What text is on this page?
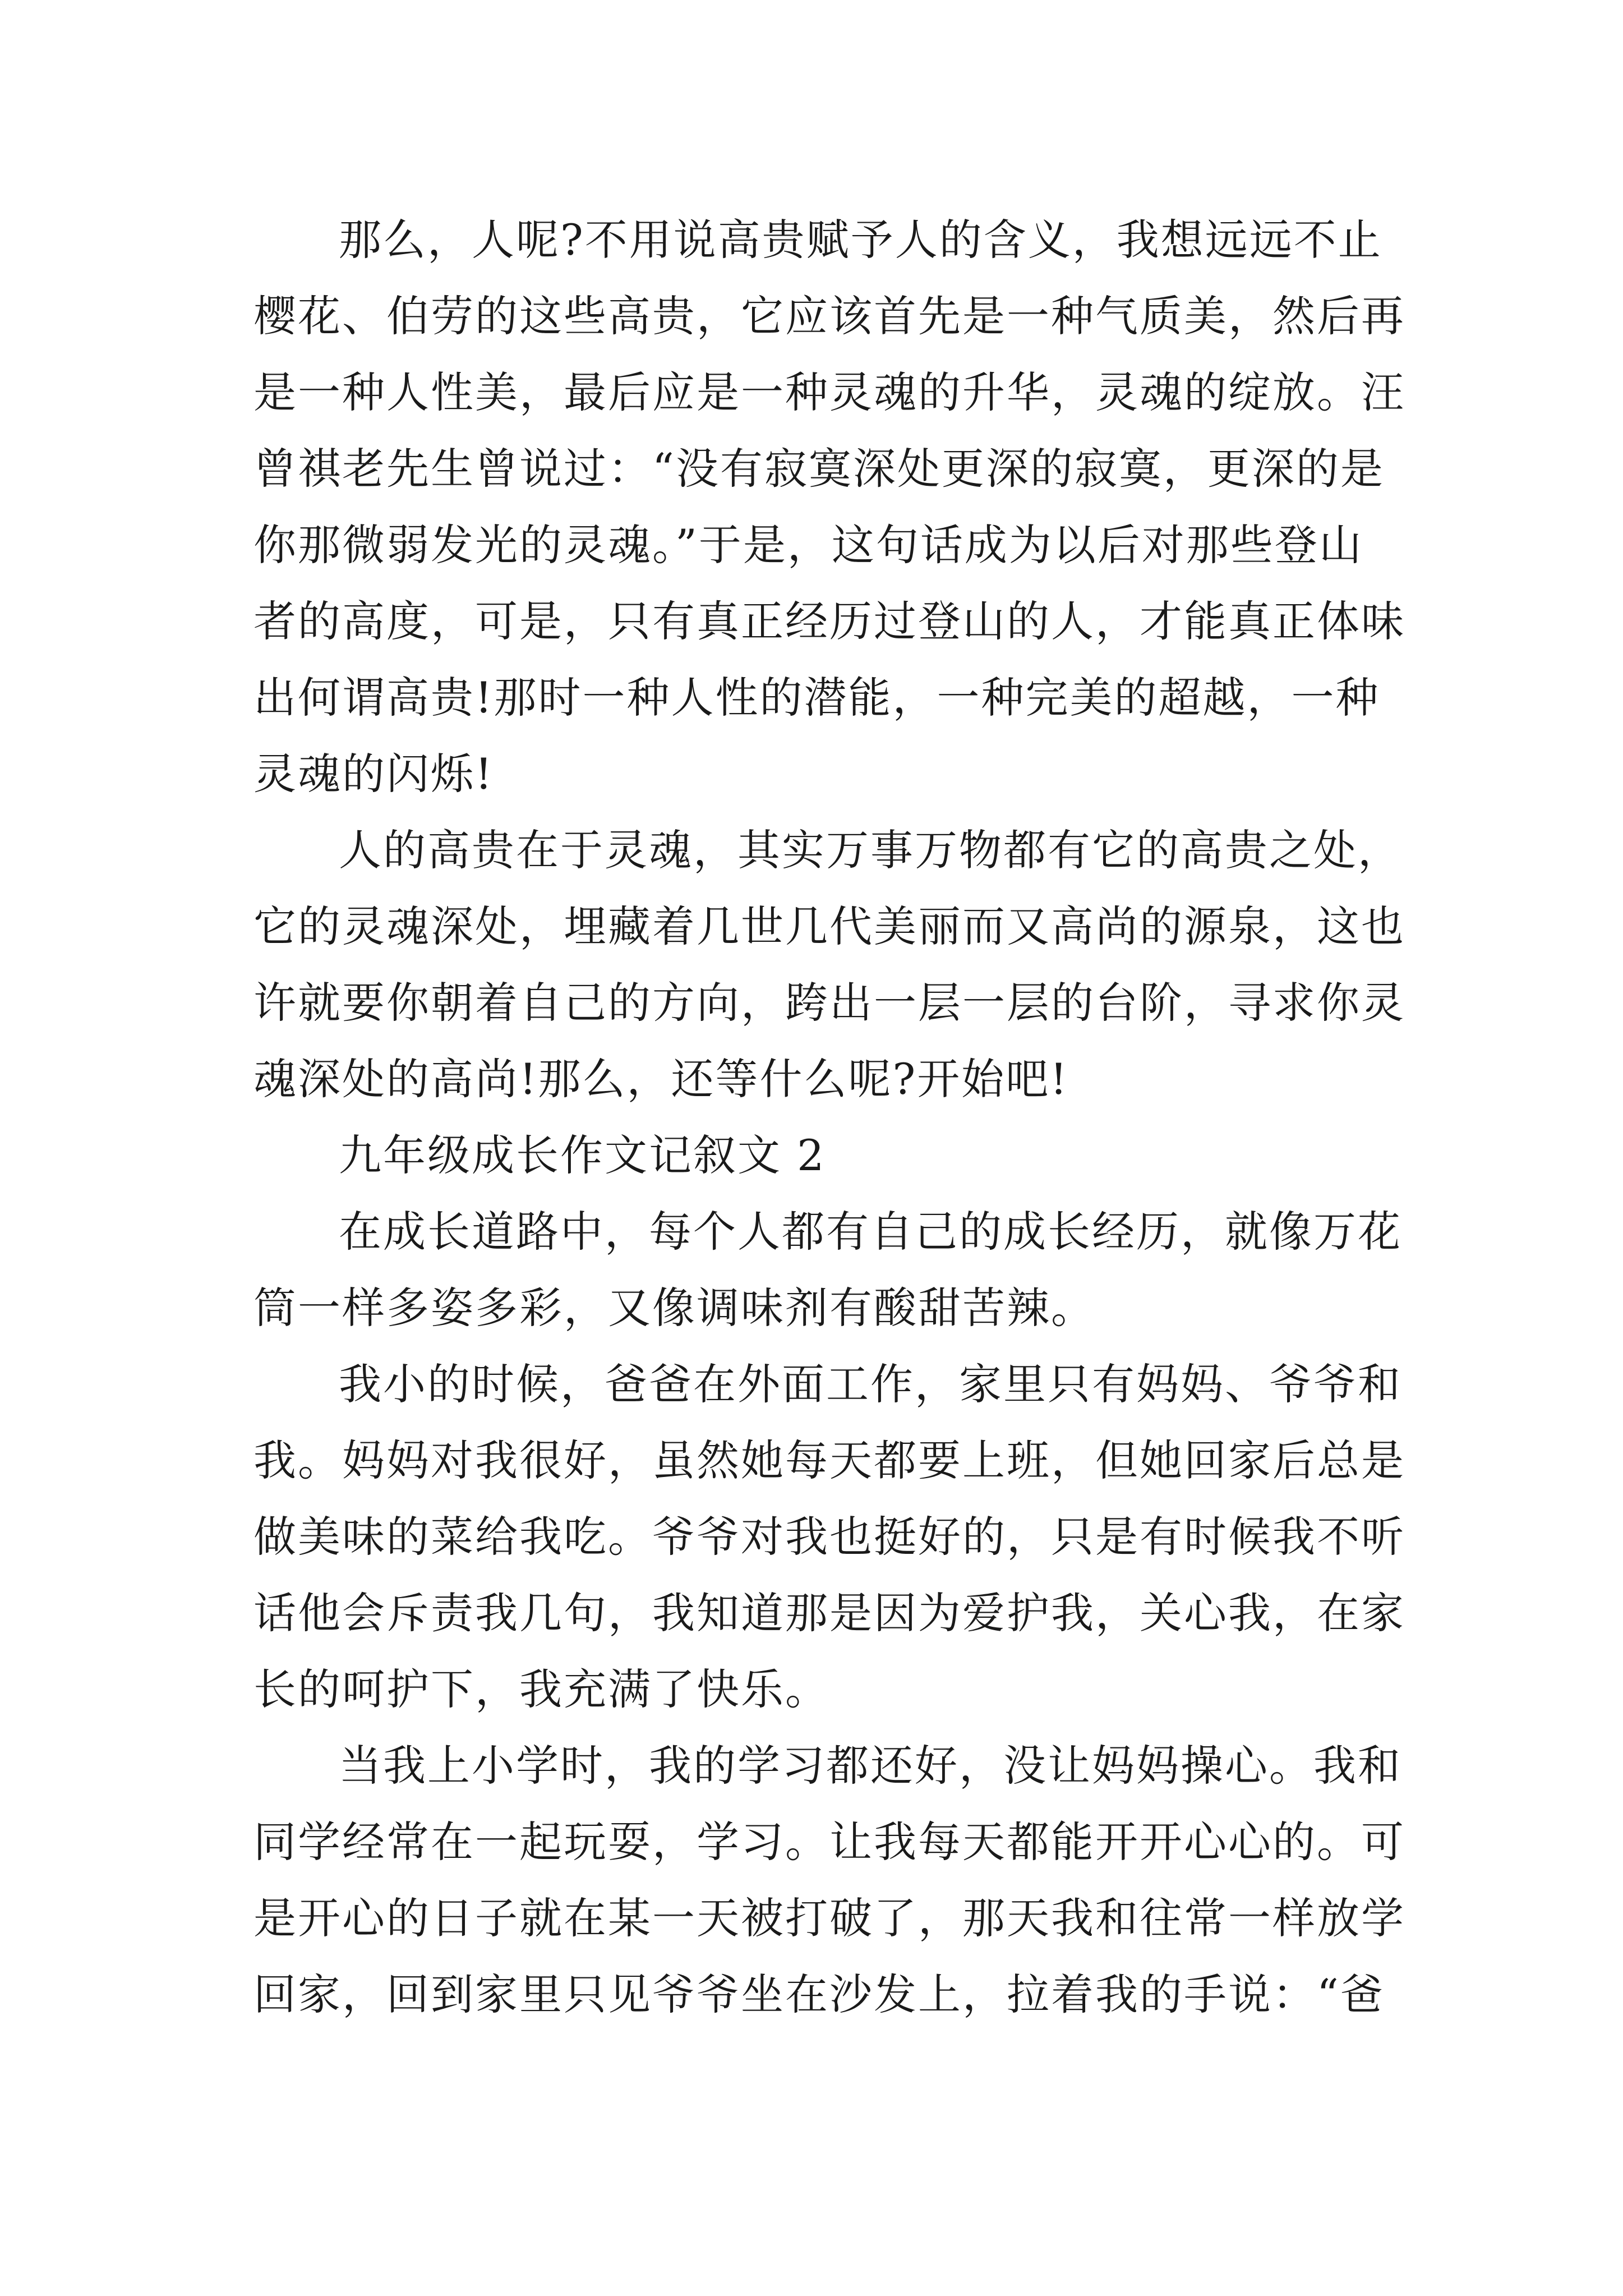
那么，人呢?不用说高贵赋予人的含义，我想远远不止
樱花、伯劳的这些高贵，它应该首先是一种气质美，然后再
是一种人性美，最后应是一种灵魂的升华，灵魂的绽放。汪
曾祺老先生曾说过：“没有寂寞深处更深的寂寞，更深的是
你那微弱发光的灵魂。”于是，这句话成为以后对那些登山
者的高度，可是，只有真正经历过登山的人，才能真正体味
出何谓高贵!那时一种人性的潜能，一种完美的超越，一种
灵魂的闪烁!
人的高贵在于灵魂，其实万事万物都有它的高贵之处，
它的灵魂深处，埋藏着几世几代美丽而又高尚的源泉，这也
许就要你朝着自己的方向，跨出一层一层的台阶，寻求你灵
魂深处的高尚!那么，还等什么呢?开始吧!
九年级成长作文记叙文 2
在成长道路中，每个人都有自己的成长经历，就像万花
筒一样多姿多彩，又像调味剂有酸甜苦辣。
我小的时候，爸爸在外面工作，家里只有妈妈、爷爷和
我。妈妈对我很好，虽然她每天都要上班，但她回家后总是
做美味的菜给我吃。爷爷对我也挺好的，只是有时候我不听
话他会斥责我几句，我知道那是因为爱护我，关心我，在家
长的呵护下，我充满了快乐。
当我上小学时，我的学习都还好，没让妈妈操心。我和
同学经常在一起玩耍，学习。让我每天都能开开心心的。可
是开心的日子就在某一天被打破了，那天我和往常一样放学
回家，回到家里只见爷爷坐在沙发上，拉着我的手说：“爸
